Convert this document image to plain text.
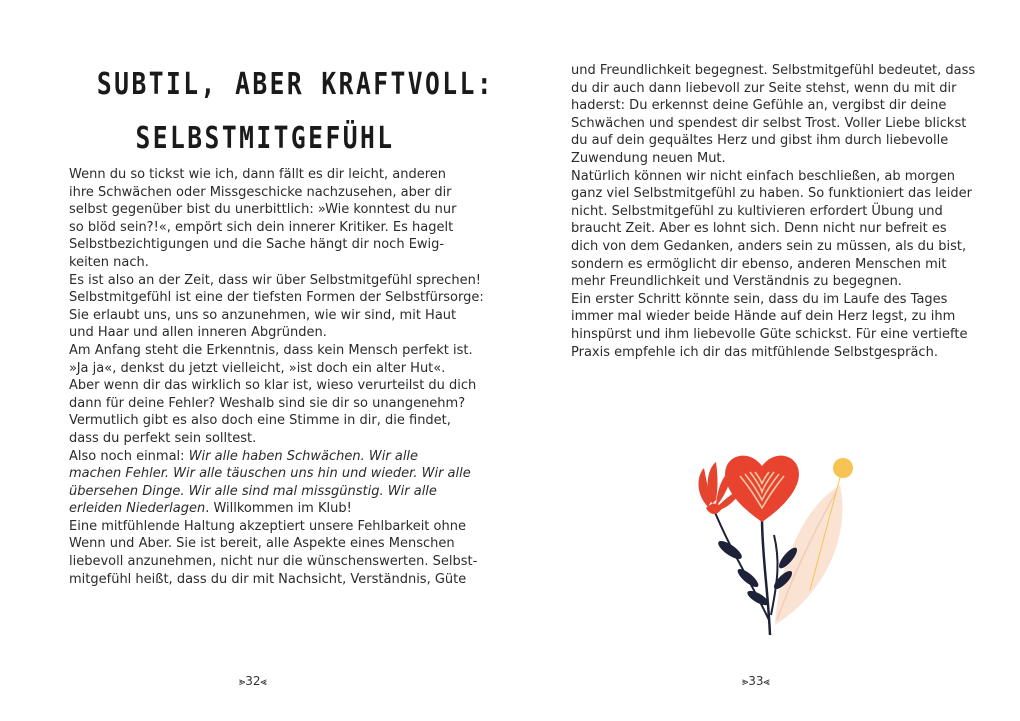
SUBTIL, ABER KRAFTVOLL:
SELBSTMITGEFÜHL
Wenn du so tickst wie ich, dann fällt es dir leicht, anderen
ihre Schwächen oder Missgeschicke nachzusehen, aber dir
selbst gegenüber bist du unerbittlich: »Wie konntest du nur
so blöd sein?!«, empört sich dein innerer Kritiker. Es hagelt
Selbstbezichtigungen und die Sache hängt dir noch Ewig-
keiten nach.
Es ist also an der Zeit, dass wir über Selbstmitgefühl sprechen!
Selbstmitgefühl ist eine der tiefsten Formen der Selbstfürsorge:
Sie erlaubt uns, uns so anzunehmen, wie wir sind, mit Haut
und Haar und allen inneren Abgründen.
Am Anfang steht die Erkenntnis, dass kein Mensch perfekt ist.
»Ja ja«, denkst du jetzt vielleicht, »ist doch ein alter Hut«.
Aber wenn dir das wirklich so klar ist, wieso verurteilst du dich
dann für deine Fehler? Weshalb sind sie dir so unangenehm?
Vermutlich gibt es also doch eine Stimme in dir, die findet,
dass du perfekt sein solltest.
Also noch einmal: Wir alle haben Schwächen. Wir alle
machen Fehler. Wir alle täuschen uns hin und wieder. Wir alle
übersehen Dinge. Wir alle sind mal missgünstig. Wir alle
erleiden Niederlagen. Willkommen im Klub!
Eine mitfühlende Haltung akzeptiert unsere Fehlbarkeit ohne
Wenn und Aber. Sie ist bereit, alle Aspekte eines Menschen
liebevoll anzunehmen, nicht nur die wünschenswerten. Selbst-
mitgefühl heißt, dass du dir mit Nachsicht, Verständnis, Güte
⪢32⪡
und Freundlichkeit begegnest. Selbstmitgefühl bedeutet, dass
du dir auch dann liebevoll zur Seite stehst, wenn du mit dir
haderst: Du erkennst deine Gefühle an, vergibst dir deine
Schwächen und spendest dir selbst Trost. Voller Liebe blickst
du auf dein gequältes Herz und gibst ihm durch liebevolle
Zuwendung neuen Mut.
Natürlich können wir nicht einfach beschließen, ab morgen
ganz viel Selbstmitgefühl zu haben. So funktioniert das leider
nicht. Selbstmitgefühl zu kultivieren erfordert Übung und
braucht Zeit. Aber es lohnt sich. Denn nicht nur befreit es
dich von dem Gedanken, anders sein zu müssen, als du bist,
sondern es ermöglicht dir ebenso, anderen Menschen mit
mehr Freundlichkeit und Verständnis zu begegnen.
Ein erster Schritt könnte sein, dass du im Laufe des Tages
immer mal wieder beide Hände auf dein Herz legst, zu ihm
hinspürst und ihm liebevolle Güte schickst. Für eine vertiefte
Praxis empfehle ich dir das mitfühlende Selbstgespräch.
⪢33⪡
